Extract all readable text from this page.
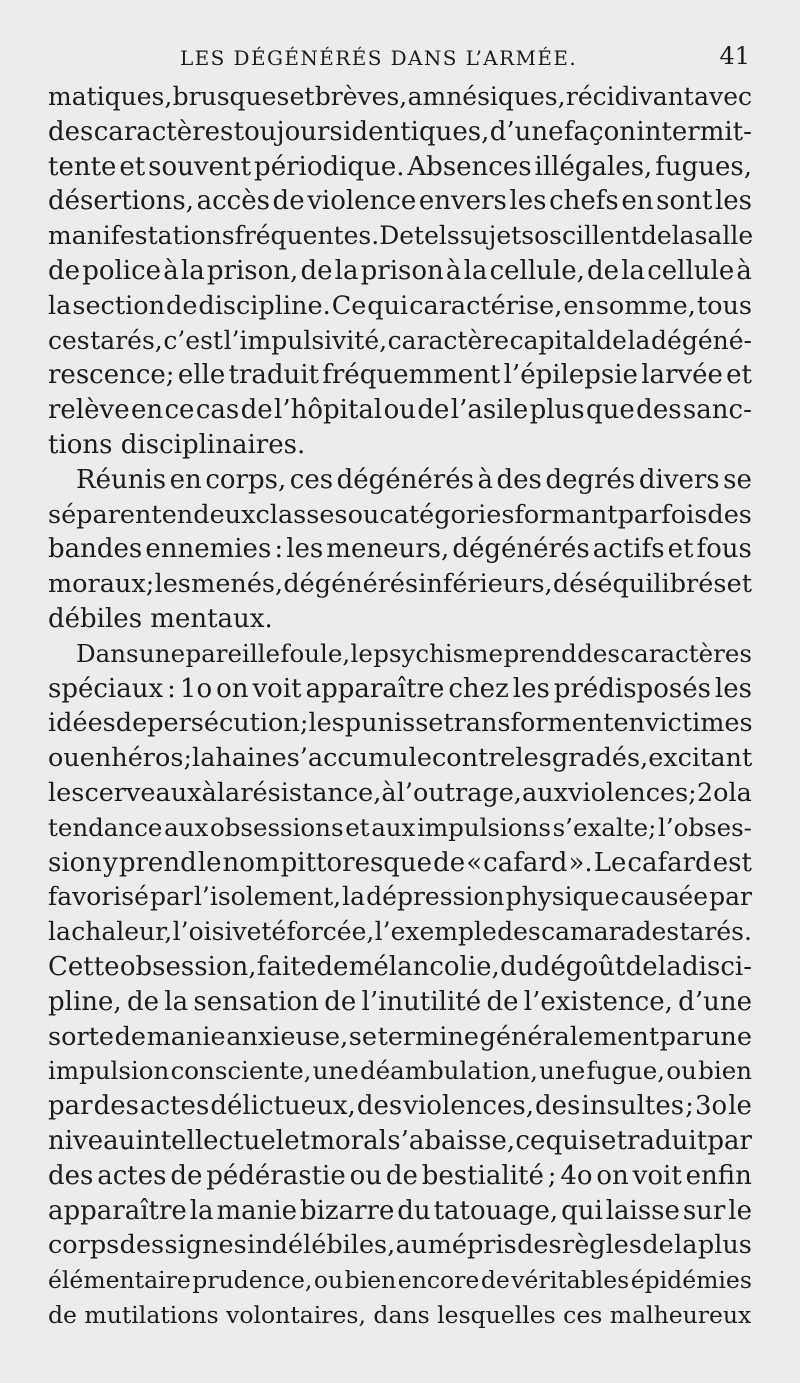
LES DÉGÉNÉRÉS DANS L’ARMÉE.	41
matiques, brusques et brèves, amnésiques, récidivant avec
des caractères toujours identiques, d’une façon intermit-
tente et souvent périodique. Absences illégales, fugues,
désertions, accès de violence envers les chefs en sont les
manifestations fréquentes. De tels sujets oscillent de la salle
de police à la prison, de la prison à la cellule, de la cellule à
la section de discipline. Ce qui caractérise, en somme, tous
ces tarés, c’est l’impulsivité, caractère capital de la dégéné-
rescence; elle traduit fréquemment l’épilepsie larvée et
relève en ce cas de l’hôpital ou de l’asile plus que des sanc-
tions disciplinaires.
Réunis en corps, ces dégénérés à des degrés divers se
séparent en deux classes ou catégories formant parfois des
bandes ennemies : les meneurs, dégénérés actifs et fous
moraux; les menés, dégénérés inférieurs, déséquilibrés et
débiles mentaux.
Dans une pareille foule, le psychisme prend des caractères
spéciaux : 1o on voit apparaître chez les prédisposés les
idées de persécution ; les punis se transforment en victimes
ou en héros ; la haine s’accumule contre les gradés, excitant
les cerveaux à la résistance, à l’outrage, aux violences; 2o la
tendance aux obsessions et aux impulsions s’exalte; l’obses-
sion y prend le nom pittoresque de « cafard ». Le cafard est
favorisé par l’isolement, la dépression physique causée par
la chaleur, l’oisiveté forcée, l’exemple des camarades tarés.
Cette obsession, faite de mélancolie, du dégoût de la disci-
pline, de la sensation de l’inutilité de l’existence, d’une
sorte de manie anxieuse, se termine généralement par une
impulsion consciente, une déambulation, une fugue, ou bien
par des actes délictueux, des violences, des insultes ; 3o le
niveau intellectuel et moral s’abaisse, ce qui se traduit par
des actes de pédérastie ou de bestialité ; 4o on voit enfin
apparaître la manie bizarre du tatouage, qui laisse sur le
corps des signes indélébiles, au mépris des règles de la plus
élémentaire prudence, ou bien encore de véritables épidémies
de mutilations volontaires, dans lesquelles ces malheureux
